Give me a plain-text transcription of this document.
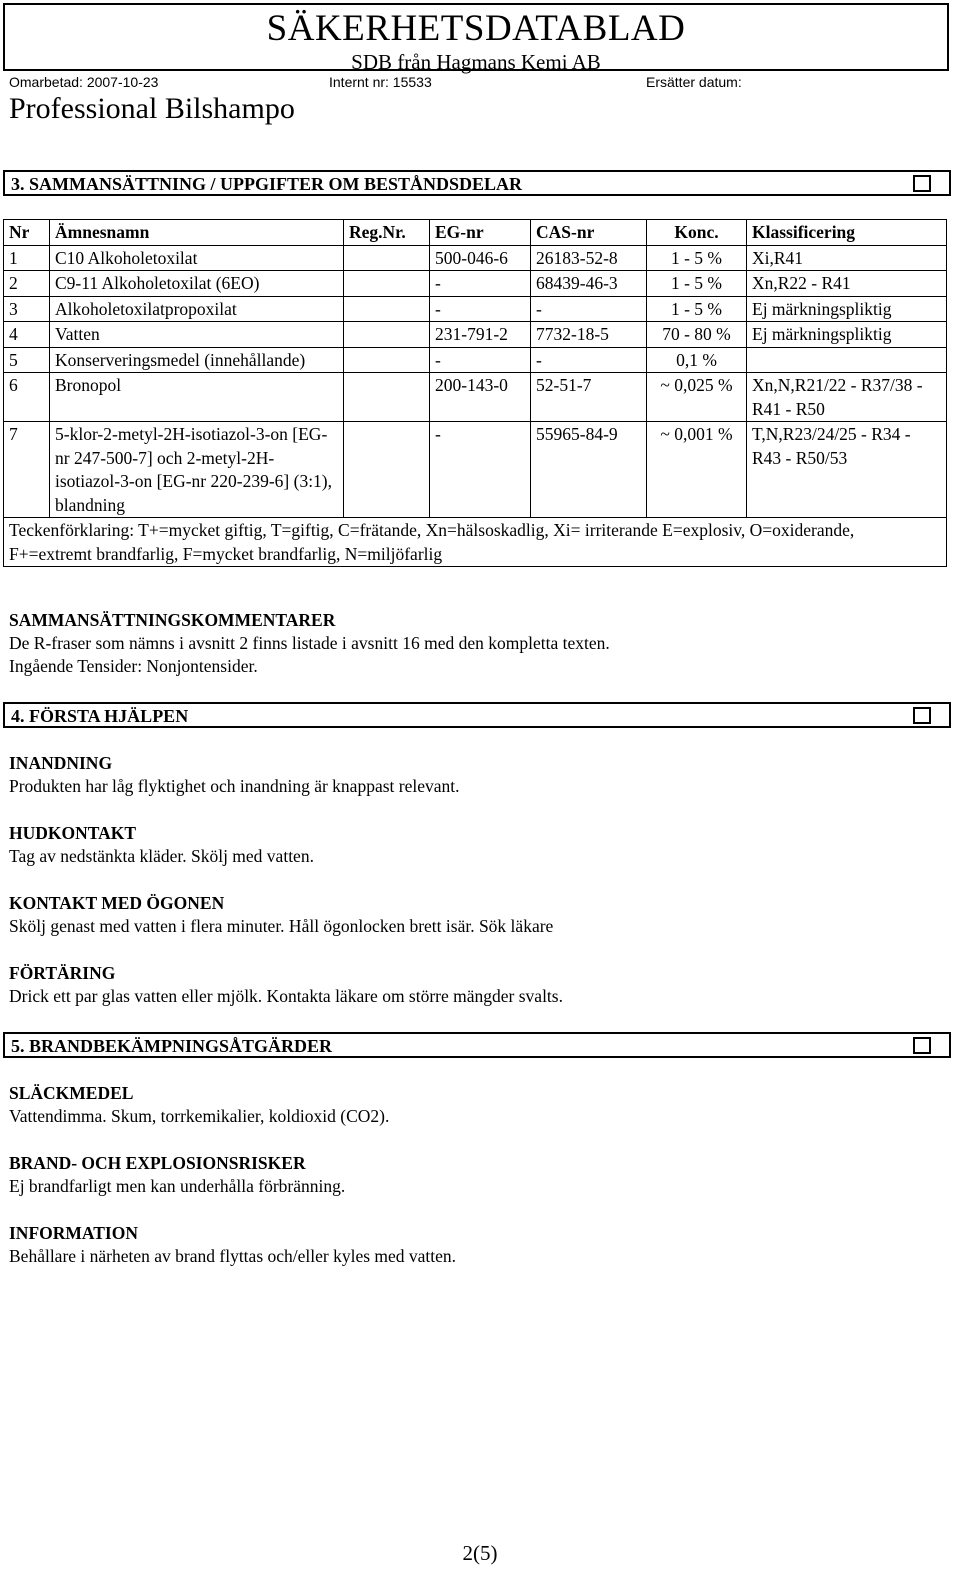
SÄKERHETSDATABLAD
SDB från Hagmans Kemi AB
Omarbetad: 2007-10-23	Internt nr: 15533	Ersätter datum:
Professional Bilshampo
3. SAMMANSÄTTNING / UPPGIFTER OM BESTÅNDSDELAR
Nr	Ämnesnamn	Reg.Nr.	EG-nr	CAS-nr	Konc.	Klassificering
1	C10 Alkoholetoxilat		500-046-6	26183-52-8	1 - 5 %	Xi,R41
2	C9-11 Alkoholetoxilat (6EO)		-	68439-46-3	1 - 5 %	Xn,R22 - R41
3	Alkoholetoxilatpropoxilat		-	-	1 - 5 %	Ej märkningspliktig
4	Vatten		231-791-2	7732-18-5	70 - 80 %	Ej märkningspliktig
5	Konserveringsmedel (innehållande)		-	-	0,1 %	
6	Bronopol		200-143-0	52-51-7	~ 0,025 %	Xn,N,R21/22 - R37/38 - R41 - R50
7	5-klor-2-metyl-2H-isotiazol-3-on [EG-nr 247-500-7] och 2-metyl-2H-isotiazol-3-on [EG-nr 220-239-6] (3:1), blandning		-	55965-84-9	~ 0,001 %	T,N,R23/24/25 - R34 - R43 - R50/53
Teckenförklaring: T+=mycket giftig, T=giftig, C=frätande, Xn=hälsoskadlig, Xi= irriterande E=explosiv, O=oxiderande, F+=extremt brandfarlig, F=mycket brandfarlig, N=miljöfarlig						
SAMMANSÄTTNINGSKOMMENTARER
De R-fraser som nämns i avsnitt 2 finns listade i avsnitt 16 med den kompletta texten.
Ingående Tensider: Nonjontensider.
4. FÖRSTA HJÄLPEN
INANDNING
Produkten har låg flyktighet och inandning är knappast relevant.
HUDKONTAKT
Tag av nedstänkta kläder. Skölj med vatten.
KONTAKT MED ÖGONEN
Skölj genast med vatten i flera minuter. Håll ögonlocken brett isär. Sök läkare
FÖRTÄRING
Drick ett par glas vatten eller mjölk. Kontakta läkare om större mängder svalts.
5. BRANDBEKÄMPNINGSÅTGÄRDER
SLÄCKMEDEL
Vattendimma. Skum, torrkemikalier, koldioxid (CO2).
BRAND- OCH EXPLOSIONSRISKER
Ej brandfarligt men kan underhålla förbränning.
INFORMATION
Behållare i närheten av brand flyttas och/eller kyles med vatten.
2(5)
